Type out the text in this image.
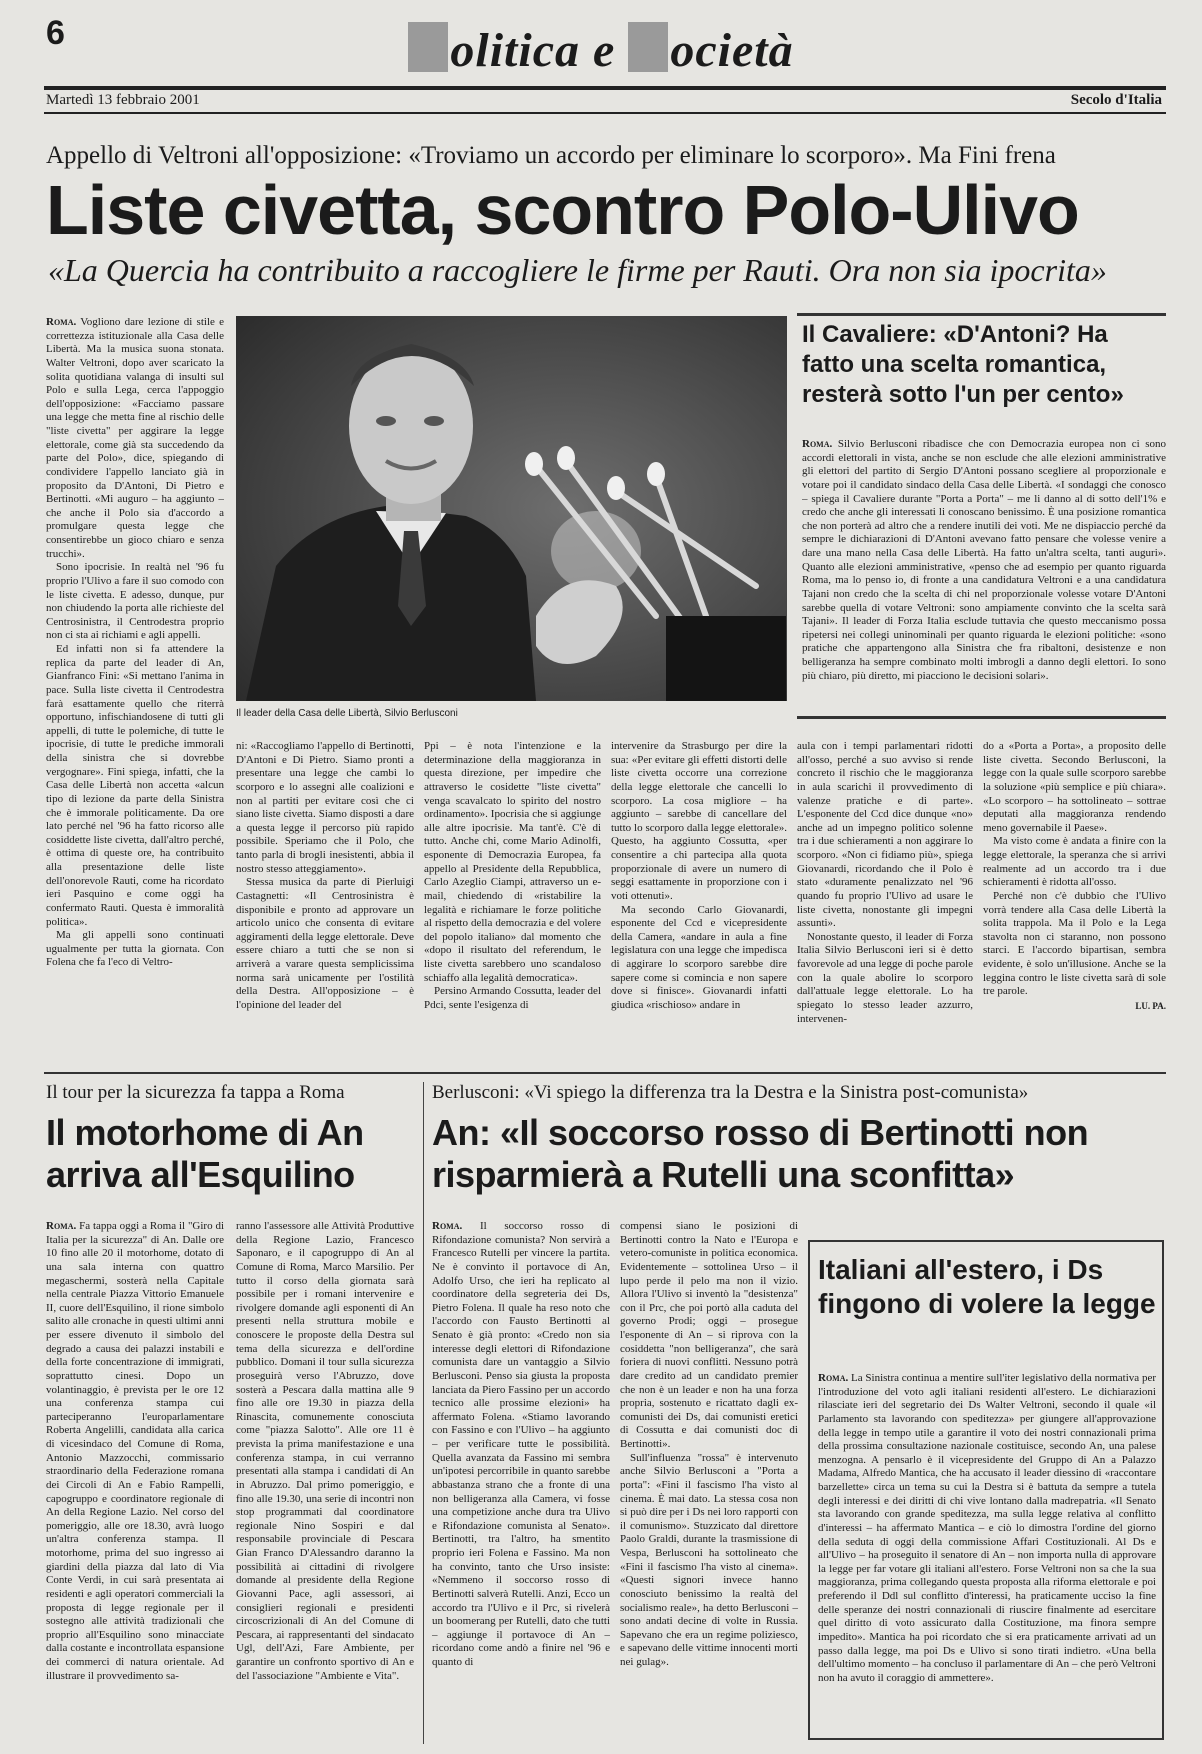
6	olitica e ocietà
Martedì 13 febbraio 2001	Secolo d'Italia
Appello di Veltroni all'opposizione: «Troviamo un accordo per eliminare lo scorporo». Ma Fini frena
Liste civetta, scontro Polo-Ulivo
«La Quercia ha contribuito a raccogliere le firme per Rauti. Ora non sia ipocrita»

Roma. Vogliono dare lezione di stile e correttezza istituzionale alla Casa delle Libertà. Ma la musica suona stonata. Walter Veltroni, dopo aver scaricato la solita quotidiana valanga di insulti sul Polo e sulla Lega, cerca l'appoggio dell'opposizione: «Facciamo passare una legge che metta fine al rischio delle "liste civetta" per aggirare la legge elettorale, come già sta succedendo da parte del Polo», dice, spiegando di condividere l'appello lanciato già in proposito da D'Antoni, Di Pietro e Bertinotti. «Mi auguro – ha aggiunto – che anche il Polo sia d'accordo a promulgare questa legge che consentirebbe un gioco chiaro e senza trucchi».

Sono ipocrisie. In realtà nel '96 fu proprio l'Ulivo a fare il suo comodo con le liste civetta. E adesso, dunque, pur non chiudendo la porta alle richieste del Centrosinistra, il Centrodestra proprio non ci sta ai richiami e agli appelli.

Ed infatti non si fa attendere la replica da parte del leader di An, Gianfranco Fini: «Si mettano l'anima in pace. Sulla liste civetta il Centrodestra farà esattamente quello che riterrà opportuno, infischiandosene di tutti gli appelli, di tutte le polemiche, di tutte le ipocrisie, di tutte le prediche immorali della sinistra che si dovrebbe vergognare». Fini spiega, infatti, che la Casa delle Libertà non accetta «alcun tipo di lezione da parte della Sinistra che è immorale politicamente. Da ore lato perché nel '96 ha fatto ricorso alle cosiddette liste civetta, dall'altro perché, è ottima di queste ore, ha contribuito alla presentazione delle liste dell'onorevole Rauti, come ha ricordato ieri Pasquino e come oggi ha confermato Rauti. Questa è immoralità politica».

Ma gli appelli sono continuati ugualmente per tutta la giornata. Con Folena che fa l'eco di Veltro-

Il leader della Casa delle Libertà, Silvio Berlusconi
Il Cavaliere: «D'Antoni? Ha fatto una scelta romantica, resterà sotto l'un per cento»

Roma. Silvio Berlusconi ribadisce che con Democrazia europea non ci sono accordi elettorali in vista, anche se non esclude che alle elezioni amministrative gli elettori del partito di Sergio D'Antoni possano scegliere al proporzionale e votare poi il candidato sindaco della Casa delle Libertà. «I sondaggi che conosco – spiega il Cavaliere durante "Porta a Porta" – me li danno al di sotto dell'1% e credo che anche gli interessati li conoscano benissimo. È una posizione romantica che non porterà ad altro che a rendere inutili dei voti. Me ne dispiaccio perché da sempre le dichiarazioni di D'Antoni avevano fatto pensare che volesse venire a dare una mano nella Casa delle Libertà. Ha fatto un'altra scelta, tanti auguri». Quanto alle elezioni amministrative, «penso che ad esempio per quanto riguarda Roma, ma lo penso io, di fronte a una candidatura Veltroni e a una candidatura Tajani non credo che la scelta di chi nel proporzionale volesse votare D'Antoni sarebbe quella di votare Veltroni: sono ampiamente convinto che la scelta sarà Tajani». Il leader di Forza Italia esclude tuttavia che questo meccanismo possa ripetersi nei collegi uninominali per quanto riguarda le elezioni politiche: «sono pratiche che appartengono alla Sinistra che fra ribaltoni, desistenze e non belligeranza ha sempre combinato molti imbrogli a danno degli elettori. Io sono più chiaro, più diretto, mi piacciono le decisioni solari».

ni: «Raccogliamo l'appello di Bertinotti, D'Antoni e Di Pietro. Siamo pronti a presentare una legge che cambi lo scorporo e lo assegni alle coalizioni e non al partiti per evitare così che ci siano liste civetta. Siamo disposti a dare a questa legge il percorso più rapido possibile. Speriamo che il Polo, che tanto parla di brogli inesistenti, abbia il nostro stesso atteggiamento».

Stessa musica da parte di Pierluigi Castagnetti: «Il Centrosinistra è disponibile e pronto ad approvare un articolo unico che consenta di evitare aggiramenti della legge elettorale. Deve essere chiaro a tutti che se non si arriverà a varare questa semplicissima norma sarà unicamente per l'ostilità della Destra. All'opposizione – è l'opinione del leader del

Ppi – è nota l'intenzione e la determinazione della maggioranza in questa direzione, per impedire che attraverso le cosidette "liste civetta" venga scavalcato lo spirito del nostro ordinamento». Ipocrisia che si aggiunge alle altre ipocrisie. Ma tant'è. C'è di tutto. Anche chi, come Mario Adinolfi, esponente di Democrazia Europea, fa appello al Presidente della Repubblica, Carlo Azeglio Ciampi, attraverso un e-mail, chiedendo di «ristabilire la legalità e richiamare le forze politiche al rispetto della democrazia e del volere del popolo italiano» dal momento che «dopo il risultato del referendum, le liste civetta sarebbero uno scandaloso schiaffo alla legalità democratica».

Persino Armando Cossutta, leader del Pdci, sente l'esigenza di

intervenire da Strasburgo per dire la sua: «Per evitare gli effetti distorti delle liste civetta occorre una correzione della legge elettorale che cancelli lo scorporo. La cosa migliore – ha aggiunto – sarebbe di cancellare del tutto lo scorporo dalla legge elettorale». Questo, ha aggiunto Cossutta, «per consentire a chi partecipa alla quota proporzionale di avere un numero di seggi esattamente in proporzione con i voti ottenuti».

Ma secondo Carlo Giovanardi, esponente del Ccd e vicepresidente della Camera, «andare in aula a fine legislatura con una legge che impedisca di aggirare lo scorporo sarebbe dire sapere come si comincia e non sapere dove si finisce». Giovanardi infatti giudica «rischioso» andare in

aula con i tempi parlamentari ridotti all'osso, perché a suo avviso si rende concreto il rischio che le maggioranza in aula scarichi il provvedimento di valenze pratiche e di parte». L'esponente del Ccd dice dunque «no» anche ad un impegno politico solenne tra i due schieramenti a non aggirare lo scorporo. «Non ci fidiamo più», spiega Giovanardi, ricordando che il Polo è stato «duramente penalizzato nel '96 quando fu proprio l'Ulivo ad usare le liste civetta, nonostante gli impegni assunti».

Nonostante questo, il leader di Forza Italia Silvio Berlusconi ieri si è detto favorevole ad una legge di poche parole con la quale abolire lo scorporo dall'attuale legge elettorale. Lo ha spiegato lo stesso leader azzurro, intervenen-

do a «Porta a Porta», a proposito delle liste civetta. Secondo Berlusconi, la legge con la quale sulle scorporo sarebbe la soluzione «più semplice e più chiara». «Lo scorporo – ha sottolineato – sottrae deputati alla maggioranza rendendo meno governabile il Paese».

Ma visto come è andata a finire con la legge elettorale, la speranza che si arrivi realmente ad un accordo tra i due schieramenti è ridotta all'osso.

Perché non c'è dubbio che l'Ulivo vorrà tendere alla Casa delle Libertà la solita trappola. Ma il Polo e la Lega stavolta non ci staranno, non possono starci. E l'accordo bipartisan, sembra evidente, è solo un'illusione. Anche se la leggina contro le liste civetta sarà di sole tre parole.

LU. PA.
Il tour per la sicurezza fa tappa a Roma
Il motorhome di An arriva all'Esquilino

Roma. Fa tappa oggi a Roma il "Giro di Italia per la sicurezza" di An. Dalle ore 10 fino alle 20 il motorhome, dotato di una sala interna con quattro megaschermi, sosterà nella Capitale nella centrale Piazza Vittorio Emanuele II, cuore dell'Esquilino, il rione simbolo salito alle cronache in questi ultimi anni per essere divenuto il simbolo del degrado a causa dei palazzi instabili e della forte concentrazione di immigrati, soprattutto cinesi. Dopo un volantinaggio, è prevista per le ore 12 una conferenza stampa cui parteciperanno l'europarlamentare Roberta Angelilli, candidata alla carica di vicesindaco del Comune di Roma, Antonio Mazzocchi, commissario straordinario della Federazione romana dei Circoli di An e Fabio Rampelli, capogruppo e coordinatore regionale di An della Regione Lazio. Nel corso del pomeriggio, alle ore 18.30, avrà luogo un'altra conferenza stampa. Il motorhome, prima del suo ingresso ai giardini della piazza dal lato di Via Conte Verdi, in cui sarà presentata ai residenti e agli operatori commerciali la proposta di legge regionale per il sostegno alle attività tradizionali che proprio all'Esquilino sono minacciate dalla costante e incontrollata espansione dei commerci di natura orientale. Ad illustrare il provvedimento sa-

ranno l'assessore alle Attività Produttive della Regione Lazio, Francesco Saponaro, e il capogruppo di An al Comune di Roma, Marco Marsilio. Per tutto il corso della giornata sarà possibile per i romani intervenire e rivolgere domande agli esponenti di An presenti nella struttura mobile e conoscere le proposte della Destra sul tema della sicurezza e dell'ordine pubblico. Domani il tour sulla sicurezza proseguirà verso l'Abruzzo, dove sosterà a Pescara dalla mattina alle 9 fino alle ore 19.30 in piazza della Rinascita, comunemente conosciuta come "piazza Salotto". Alle ore 11 è prevista la prima manifestazione e una conferenza stampa, in cui verranno presentati alla stampa i candidati di An in Abruzzo. Dal primo pomeriggio, e fino alle 19.30, una serie di incontri non stop programmati dal coordinatore regionale Nino Sospiri e dal responsabile provinciale di Pescara Gian Franco D'Alessandro daranno la possibilità ai cittadini di rivolgere domande al presidente della Regione Giovanni Pace, agli assessori, ai consiglieri regionali e presidenti circoscrizionali di An del Comune di Pescara, ai rappresentanti del sindacato Ugl, dell'Azi, Fare Ambiente, per garantire un confronto sportivo di An e del l'associazione "Ambiente e Vita".

Berlusconi: «Vi spiego la differenza tra la Destra e la Sinistra post-comunista»
An: «Il soccorso rosso di Bertinotti non risparmierà a Rutelli una sconfitta»

Roma. Il soccorso rosso di Rifondazione comunista? Non servirà a Francesco Rutelli per vincere la partita. Ne è convinto il portavoce di An, Adolfo Urso, che ieri ha replicato al coordinatore della segreteria dei Ds, Pietro Folena. Il quale ha reso noto che l'accordo con Fausto Bertinotti al Senato è già pronto: «Credo non sia interesse degli elettori di Rifondazione comunista dare un vantaggio a Silvio Berlusconi. Penso sia giusta la proposta lanciata da Piero Fassino per un accordo tecnico alle prossime elezioni» ha affermato Folena. «Stiamo lavorando con Fassino e con l'Ulivo – ha aggiunto – per verificare tutte le possibilità. Quella avanzata da Fassino mi sembra un'ipotesi percorribile in quanto sarebbe abbastanza strano che a fronte di una non belligeranza alla Camera, vi fosse una competizione anche dura tra Ulivo e Rifondazione comunista al Senato». Bertinotti, tra l'altro, ha smentito proprio ieri Folena e Fassino. Ma non ha convinto, tanto che Urso insiste: «Nemmeno il soccorso rosso di Bertinotti salverà Rutelli. Anzi, Ecco un accordo tra l'Ulivo e il Prc, si rivelerà un boomerang per Rutelli, dato che tutti – aggiunge il portavoce di An – ricordano come andò a finire nel '96 e quanto di

compensi siano le posizioni di Bertinotti contro la Nato e l'Europa e vetero-comuniste in politica economica. Evidentemente – sottolinea Urso – il lupo perde il pelo ma non il vizio. Allora l'Ulivo si inventò la "desistenza" con il Prc, che poi portò alla caduta del governo Prodi; oggi – prosegue l'esponente di An – si riprova con la cosiddetta "non belligeranza", che sarà foriera di nuovi conflitti. Nessuno potrà dare credito ad un candidato premier che non è un leader e non ha una forza propria, sostenuto e ricattato dagli ex-comunisti dei Ds, dai comunisti eretici di Cossutta e dai comunisti doc di Bertinotti».

Sull'influenza "rossa" è intervenuto anche Silvio Berlusconi a "Porta a porta": «Fini il fascismo l'ha visto al cinema. È mai dato. La stessa cosa non si può dire per i Ds nei loro rapporti con il comunismo». Stuzzicato dal direttore Paolo Graldi, durante la trasmissione di Vespa, Berlusconi ha sottolineato che «Fini il fascismo l'ha visto al cinema». «Questi signori invece hanno conosciuto benissimo la realtà del socialismo reale», ha detto Berlusconi – sono andati decine di volte in Russia. Sapevano che era un regime poliziesco, e sapevano delle vittime innocenti morti nei gulag».

Italiani all'estero, i Ds fingono di volere la legge

Roma. La Sinistra continua a mentire sull'iter legislativo della normativa per l'introduzione del voto agli italiani residenti all'estero. Le dichiarazioni rilasciate ieri del segretario dei Ds Walter Veltroni, secondo il quale «il Parlamento sta lavorando con speditezza» per giungere all'approvazione della legge in tempo utile a garantire il voto dei nostri connazionali prima della prossima consultazione nazionale costituisce, secondo An, una palese menzogna. A pensarlo è il vicepresidente del Gruppo di An a Palazzo Madama, Alfredo Mantica, che ha accusato il leader diessino di «raccontare barzellette» circa un tema su cui la Destra si è battuta da sempre a tutela degli interessi e dei diritti di chi vive lontano dalla madrepatria. «Il Senato sta lavorando con grande speditezza, ma sulla legge relativa al conflitto d'interessi – ha affermato Mantica – e ciò lo dimostra l'ordine del giorno della seduta di oggi della commissione Affari Costituzionali. Al Ds e all'Ulivo – ha proseguito il senatore di An – non importa nulla di approvare la legge per far votare gli italiani all'estero. Forse Veltroni non sa che la sua maggioranza, prima collegando questa proposta alla riforma elettorale e poi preferendo il Ddl sul conflitto d'interessi, ha praticamente ucciso la fine delle speranze dei nostri connazionali di riuscire finalmente ad esercitare quel diritto di voto assicurato dalla Costituzione, ma finora sempre impedito». Mantica ha poi ricordato che si era praticamente arrivati ad un passo dalla legge, ma poi Ds e Ulivo si sono tirati indietro. «Una bella dell'ultimo momento – ha concluso il parlamentare di An – che però Veltroni non ha avuto il coraggio di ammettere».
